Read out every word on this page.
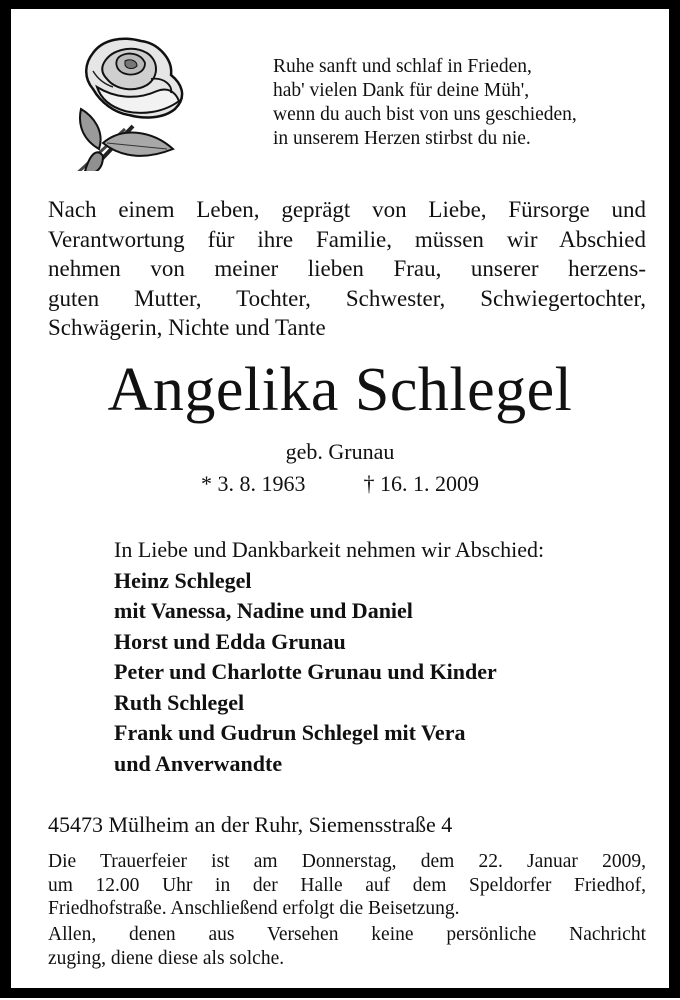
Ruhe sanft und schlaf in Frieden,
hab' vielen Dank für deine Müh',
wenn du auch bist von uns geschieden,
in unserem Herzen stirbst du nie.
Nach einem Leben, geprägt von Liebe, Fürsorge und
Verantwortung für ihre Familie, müssen wir Abschied
nehmen von meiner lieben Frau, unserer herzens-
guten Mutter, Tochter, Schwester, Schwiegertochter,
Schwägerin, Nichte und Tante
Angelika Schlegel
geb. Grunau
* 3. 8. 1963	† 16. 1. 2009
In Liebe und Dankbarkeit nehmen wir Abschied:
Heinz Schlegel
mit Vanessa, Nadine und Daniel
Horst und Edda Grunau
Peter und Charlotte Grunau und Kinder
Ruth Schlegel
Frank und Gudrun Schlegel mit Vera
und Anverwandte
45473 Mülheim an der Ruhr, Siemensstraße 4
Die Trauerfeier ist am Donnerstag, dem 22. Januar 2009,
um 12.00 Uhr in der Halle auf dem Speldorfer Friedhof,
Friedhofstraße. Anschließend erfolgt die Beisetzung.
Allen, denen aus Versehen keine persönliche Nachricht
zuging, diene diese als solche.
